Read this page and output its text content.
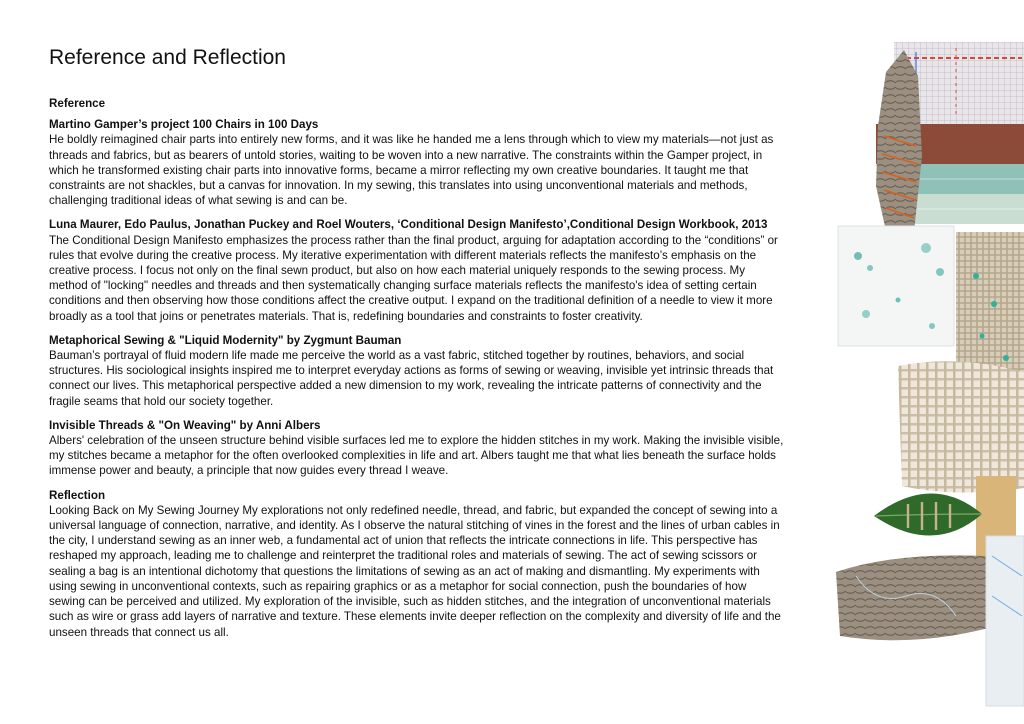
Reference and Reflection
Reference
Martino Gamper’s project 100 Chairs in 100 Days
He boldly reimagined chair parts into entirely new forms, and it was like he handed me a lens through which to view my materials—not just as threads and fabrics, but as bearers of untold stories, waiting to be woven into a new narrative. The constraints within the Gamper project, in which he transformed existing chair parts into innovative forms, became a mirror reflecting my own creative boundaries. It taught me that constraints are not shackles, but a canvas for innovation. In my sewing, this translates into using unconventional materials and methods, challenging traditional ideas of what sewing is and can be.
Luna Maurer, Edo Paulus, Jonathan Puckey and Roel Wouters, ‘Conditional Design Manifesto’,Conditional Design Workbook, 2013
The Conditional Design Manifesto emphasizes the process rather than the final product, arguing for adaptation according to the “conditions” or rules that evolve during the creative process. My iterative experimentation with different materials reflects the manifesto’s emphasis on the creative process. I focus not only on the final sewn product, but also on how each material uniquely responds to the sewing process. My method of "locking" needles and threads and then systematically changing surface materials reflects the manifesto's idea of setting certain conditions and then observing how those conditions affect the creative output. I expand on the traditional definition of a needle to view it more broadly as a tool that joins or penetrates materials. That is, redefining boundaries and constraints to foster creativity.
Metaphorical Sewing & "Liquid Modernity" by Zygmunt Bauman
Bauman’s portrayal of fluid modern life made me perceive the world as a vast fabric, stitched together by routines, behaviors, and social structures. His sociological insights inspired me to interpret everyday actions as forms of sewing or weaving, invisible yet intrinsic threads that connect our lives. This metaphorical perspective added a new dimension to my work, revealing the intricate patterns of connectivity and the fragile seams that hold our society together.
Invisible Threads & "On Weaving" by Anni Albers
Albers' celebration of the unseen structure behind visible surfaces led me to explore the hidden stitches in my work. Making the invisible visible, my stitches became a metaphor for the often overlooked complexities in life and art. Albers taught me that what lies beneath the surface holds immense power and beauty, a principle that now guides every thread I weave.
Reflection
Looking Back on My Sewing Journey My explorations not only redefined needle, thread, and fabric, but expanded the concept of sewing into a universal language of connection, narrative, and identity. As I observe the natural stitching of vines in the forest and the lines of urban cables in the city, I understand sewing as an inner web, a fundamental act of union that reflects the intricate connections in life. This perspective has reshaped my approach, leading me to challenge and reinterpret the traditional roles and materials of sewing. The act of sewing scissors or sealing a bag is an intentional dichotomy that questions the limitations of sewing as an act of making and dismantling. My experiments with using sewing in unconventional contexts, such as repairing graphics or as a metaphor for social connection, push the boundaries of how sewing can be perceived and utilized. My exploration of the invisible, such as hidden stitches, and the integration of unconventional materials such as wire or grass add layers of narrative and texture. These elements invite deeper reflection on the complexity and diversity of life and the unseen threads that connect us all.
